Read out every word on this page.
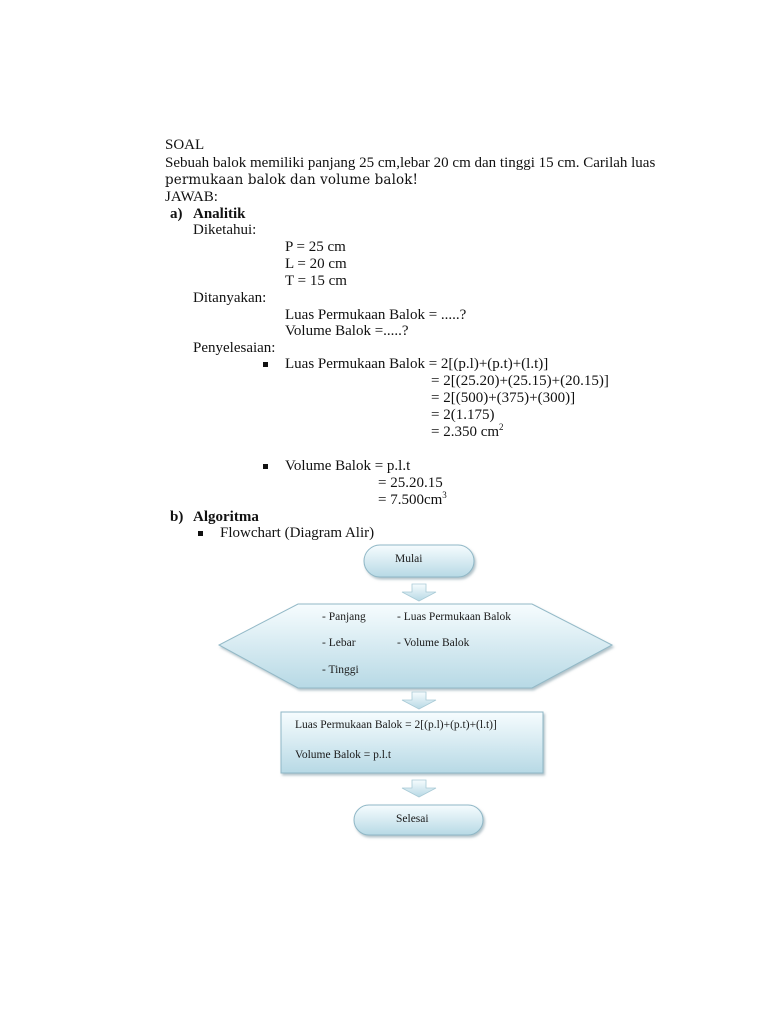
SOAL
Sebuah balok memiliki panjang 25 cm,lebar 20 cm dan tinggi 15 cm. Carilah luas
permukaan balok dan volume balok!
JAWAB:
a) Analitik
Diketahui:
P = 25 cm
L = 20 cm
T = 15 cm
Ditanyakan:
Luas Permukaan Balok = .....?
Volume Balok =.....?
Penyelesaian:
Luas Permukaan Balok = 2[(p.l)+(p.t)+(l.t)]
= 2[(25.20)+(25.15)+(20.15)]
= 2[(500)+(375)+(300)]
= 2(1.175)
= 2.350 $cm^2$
Volume Balok = p.l.t
= 25.20.15
= $7.500cm^3$
b) Algoritma
Flowchart (Diagram Alir)
Mulai
- Panjang
- Lebar
- Tinggi
- Luas Permukaan Balok
- Volume Balok
Luas Permukaan Balok = 2[(p.l)+(p.t)+(l.t)]
Volume Balok = p.l.t
Selesai
